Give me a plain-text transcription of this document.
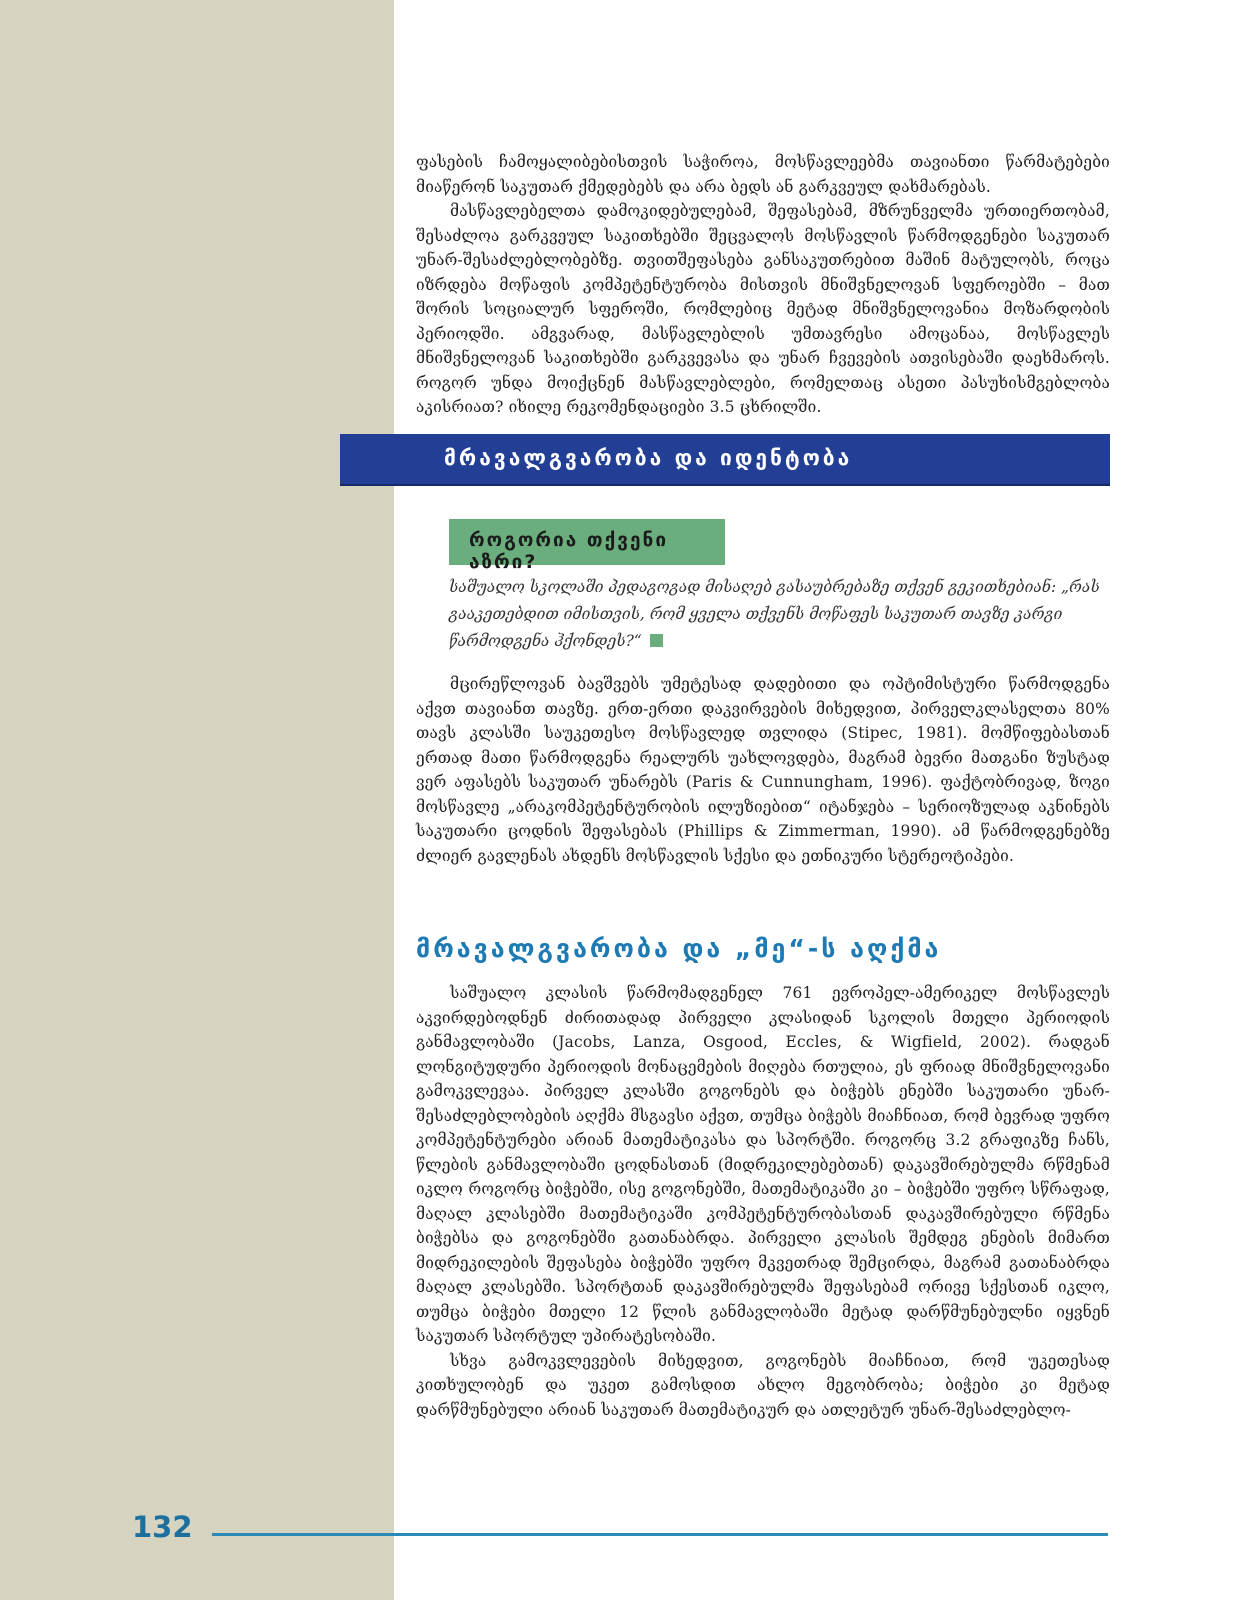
ფასების ჩამოყალიბებისთვის საჭიროა, მოსწავლეებმა თავიანთი წარმატებები მიაწერონ საკუთარ ქმედებებს და არა ბედს ან გარკვეულ დახმარებას.

მასწავლებელთა დამოკიდებულებამ, შეფასებამ, მზრუნველმა ურთიერთობამ, შესაძლოა გარკვეულ საკითხებში შეცვალოს მოსწავლის წარმოდგენები საკუთარ უნარ-შესაძლებლობებზე. თვითშეფასება განსაკუთრებით მაშინ მატულობს, როცა იზრდება მოწაფის კომპეტენტურობა მისთვის მნიშვნელოვან სფეროებში – მათ შორის სოციალურ სფეროში, რომლებიც მეტად მნიშვნელოვანია მოზარდობის პერიოდში. ამგვარად, მასწავლებლის უმთავრესი ამოცანაა, მოსწავლეს მნიშვნელოვან საკითხებში გარკვევასა და უნარ ჩვევების ათვისებაში დაეხმაროს. როგორ უნდა მოიქცნენ მასწავლებლები, რომელთაც ასეთი პასუხისმგებლობა აკისრიათ? იხილე რეკომენდაციები 3.5 ცხრილში.

მრავალგვარობა და იდენტობა
როგორია თქვენი აზრი?
საშუალო სკოლაში პედაგოგად მისაღებ გასაუბრებაზე თქვენ გეკითხებიან: „რას გააკეთებდით იმისთვის, რომ ყველა თქვენს მოწაფეს საკუთარ თავზე კარგი წარმოდგენა ჰქონდეს?“

მცირეწლოვან ბავშვებს უმეტესად დადებითი და ოპტიმისტური წარმოდგენა აქვთ თავიანთ თავზე. ერთ-ერთი დაკვირვების მიხედვით, პირველკლასელთა 80% თავს კლასში საუკეთესო მოსწავლედ თვლიდა (Stipec, 1981). მომწიფებასთან ერთად მათი წარმოდგენა რეალურს უახლოვდება, მაგრამ ბევრი მათგანი ზუსტად ვერ აფასებს საკუთარ უნარებს (Paris & Cunnungham, 1996). ფაქტობრივად, ზოგი მოსწავლე „არაკომპეტენტურობის ილუზიებით“ იტანჯება – სერიოზულად აკნინებს საკუთარი ცოდნის შეფასებას (Phillips & Zimmerman, 1990). ამ წარმოდგენებზე ძლიერ გავლენას ახდენს მოსწავლის სქესი და ეთნიკური სტერეოტიპები.

მრავალგვარობა და „მე“-ს აღქმა

საშუალო კლასის წარმომადგენელ 761 ევროპელ-ამერიკელ მოსწავლეს აკვირდებოდნენ ძირითადად პირველი კლასიდან სკოლის მთელი პერიოდის განმავლობაში (Jacobs, Lanza, Osgood, Eccles, & Wigfield, 2002). რადგან ლონგიტუდური პერიოდის მონაცემების მიღება რთულია, ეს ფრიად მნიშვნელოვანი გამოკვლევაა. პირველ კლასში გოგონებს და ბიჭებს ენებში საკუთარი უნარ-შესაძლებლობების აღქმა მსგავსი აქვთ, თუმცა ბიჭებს მიაჩნიათ, რომ ბევრად უფრო კომპეტენტურები არიან მათემატიკასა და სპორტში. როგორც 3.2 გრაფიკზე ჩანს, წლების განმავლობაში ცოდნასთან (მიდრეკილებებთან) დაკავშირებულმა რწმენამ იკლო როგორც ბიჭებში, ისე გოგონებში, მათემატიკაში კი – ბიჭებში უფრო სწრაფად, მაღალ კლასებში მათემატიკაში კომპეტენტურობასთან დაკავშირებული რწმენა ბიჭებსა და გოგონებში გათანაბრდა. პირველი კლასის შემდეგ ენების მიმართ მიდრეკილების შეფასება ბიჭებში უფრო მკვეთრად შემცირდა, მაგრამ გათანაბრდა მაღალ კლასებში. სპორტთან დაკავშირებულმა შეფასებამ ორივე სქესთან იკლო, თუმცა ბიჭები მთელი 12 წლის განმავლობაში მეტად დარწმუნებულნი იყვნენ საკუთარ სპორტულ უპირატესობაში.

სხვა გამოკვლევების მიხედვით, გოგონებს მიაჩნიათ, რომ უკეთესად კითხულობენ და უკეთ გამოსდით ახლო მეგობრობა; ბიჭები კი მეტად დარწმუნებული არიან საკუთარ მათემატიკურ და ათლეტურ უნარ-შესაძლებლო-

132
